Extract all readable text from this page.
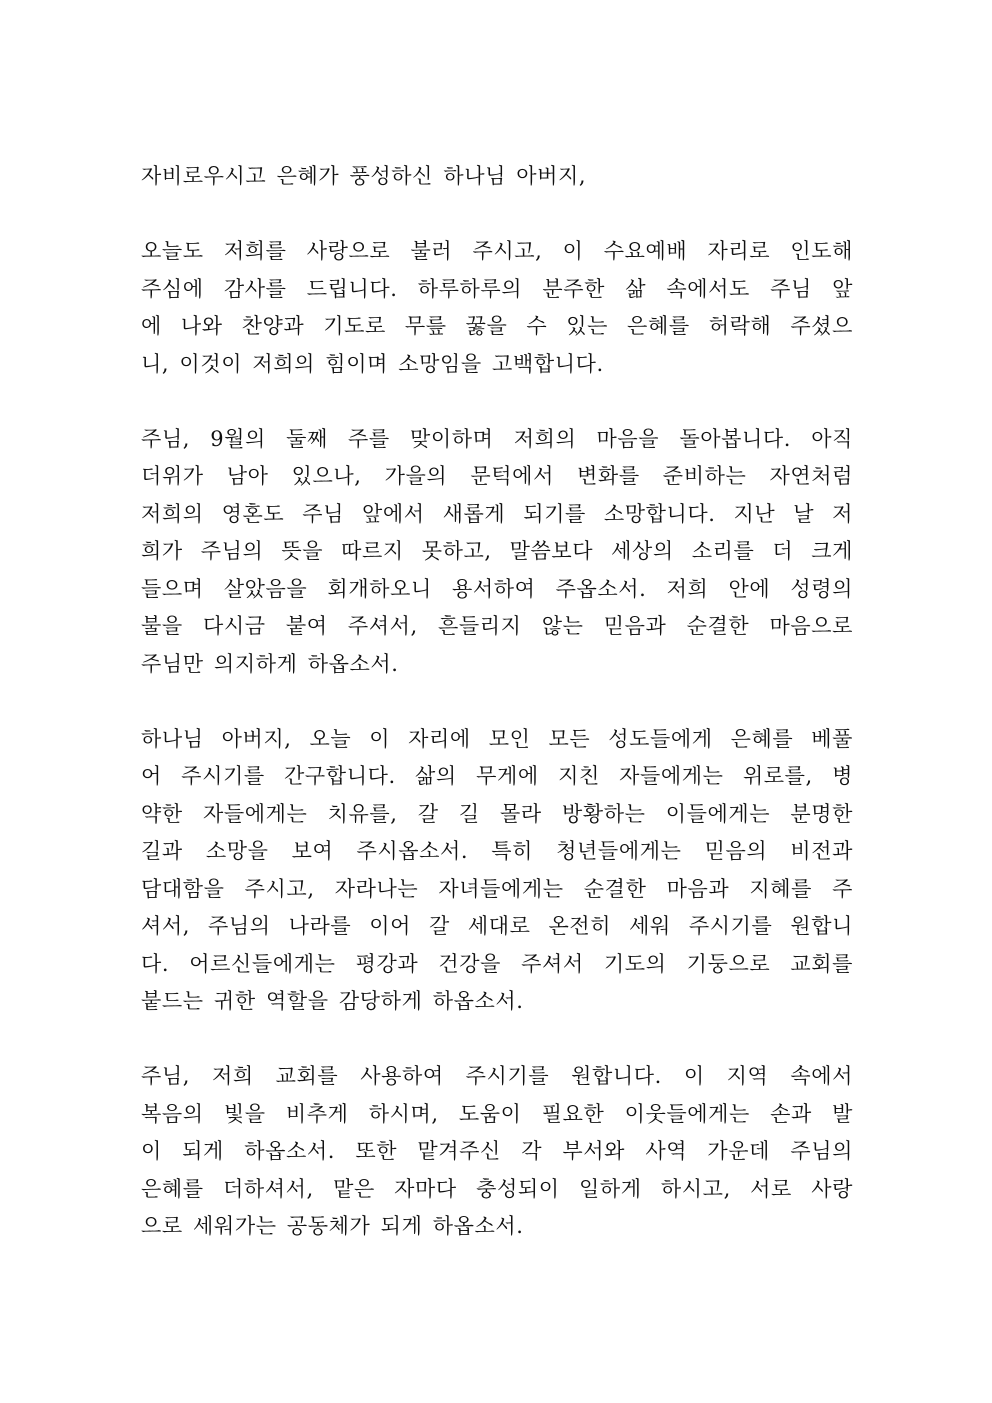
자비로우시고 은혜가 풍성하신 하나님 아버지,

오늘도 저희를 사랑으로 불러 주시고, 이 수요예배 자리로 인도해
주심에 감사를 드립니다. 하루하루의 분주한 삶 속에서도 주님 앞
에 나와 찬양과 기도로 무릎 꿇을 수 있는 은혜를 허락해 주셨으
니, 이것이 저희의 힘이며 소망임을 고백합니다.

주님, 9월의 둘째 주를 맞이하며 저희의 마음을 돌아봅니다. 아직
더위가 남아 있으나, 가을의 문턱에서 변화를 준비하는 자연처럼
저희의 영혼도 주님 앞에서 새롭게 되기를 소망합니다. 지난 날 저
희가 주님의 뜻을 따르지 못하고, 말씀보다 세상의 소리를 더 크게
들으며 살았음을 회개하오니 용서하여 주옵소서. 저희 안에 성령의
불을 다시금 붙여 주셔서, 흔들리지 않는 믿음과 순결한 마음으로
주님만 의지하게 하옵소서.

하나님 아버지, 오늘 이 자리에 모인 모든 성도들에게 은혜를 베풀
어 주시기를 간구합니다. 삶의 무게에 지친 자들에게는 위로를, 병
약한 자들에게는 치유를, 갈 길 몰라 방황하는 이들에게는 분명한
길과 소망을 보여 주시옵소서. 특히 청년들에게는 믿음의 비전과
담대함을 주시고, 자라나는 자녀들에게는 순결한 마음과 지혜를 주
셔서, 주님의 나라를 이어 갈 세대로 온전히 세워 주시기를 원합니
다. 어르신들에게는 평강과 건강을 주셔서 기도의 기둥으로 교회를
붙드는 귀한 역할을 감당하게 하옵소서.

주님, 저희 교회를 사용하여 주시기를 원합니다. 이 지역 속에서
복음의 빛을 비추게 하시며, 도움이 필요한 이웃들에게는 손과 발
이 되게 하옵소서. 또한 맡겨주신 각 부서와 사역 가운데 주님의
은혜를 더하셔서, 맡은 자마다 충성되이 일하게 하시고, 서로 사랑
으로 세워가는 공동체가 되게 하옵소서.
